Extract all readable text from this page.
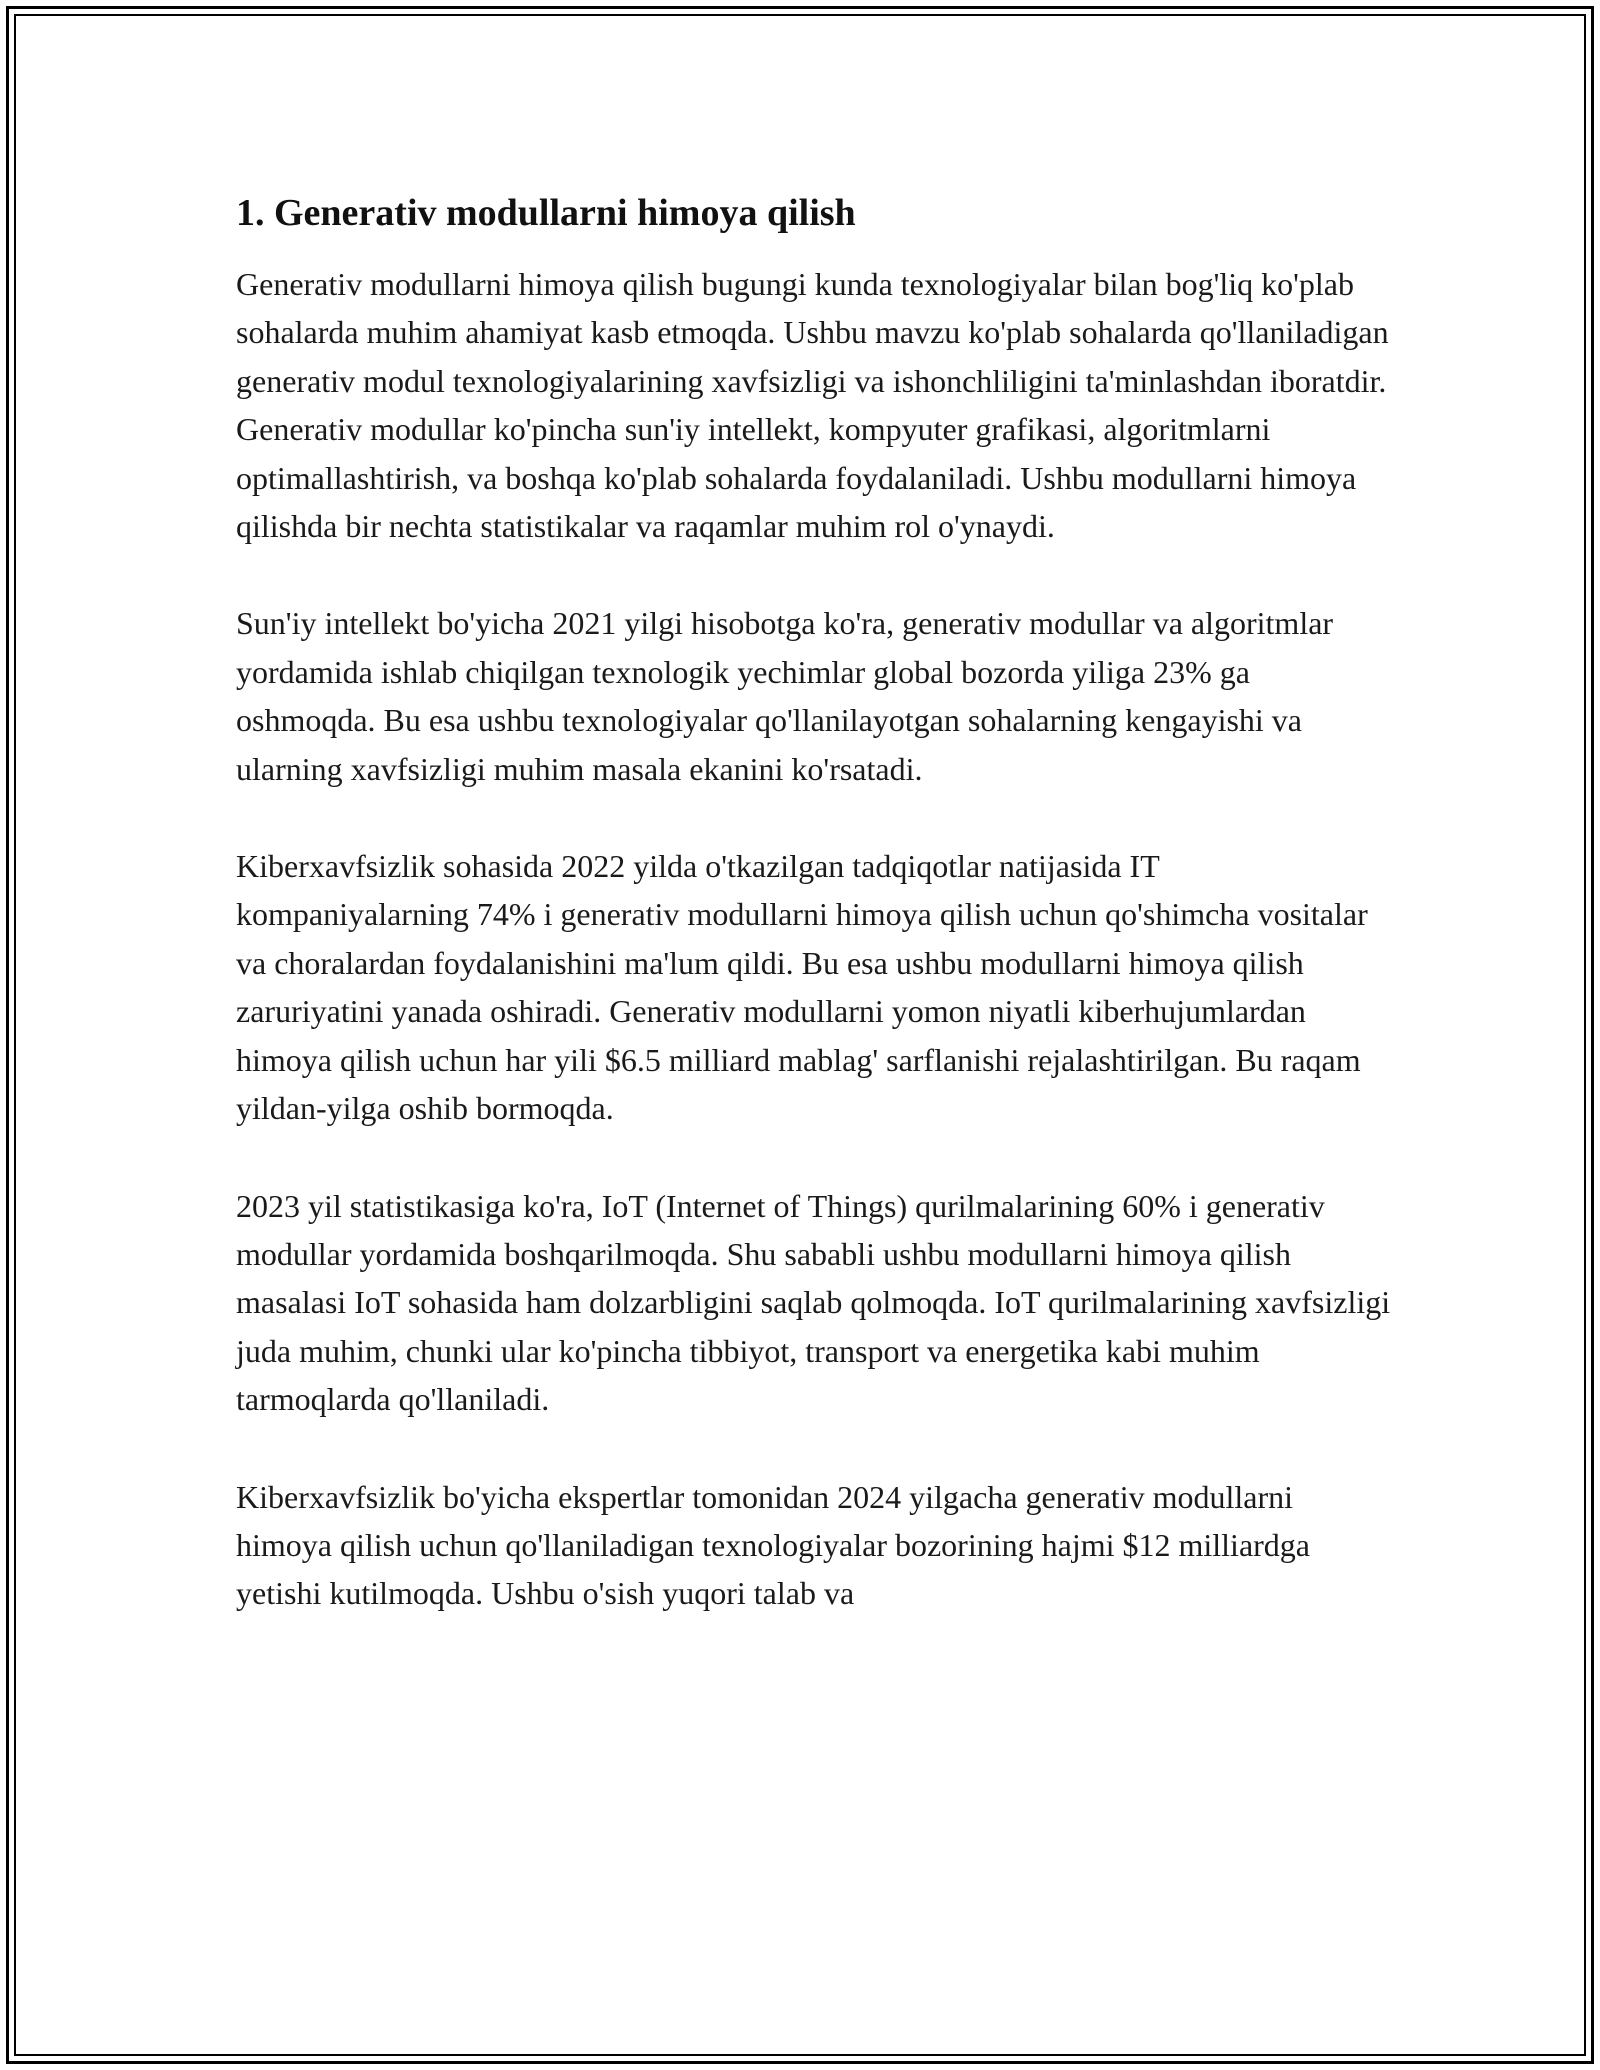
1. Generativ modullarni himoya qilish

Generativ modullarni himoya qilish bugungi kunda texnologiyalar bilan bog'liq ko'plab sohalarda muhim ahamiyat kasb etmoqda. Ushbu mavzu ko'plab sohalarda qo'llaniladigan generativ modul texnologiyalarining xavfsizligi va ishonchliligini ta'minlashdan iboratdir. Generativ modullar ko'pincha sun'iy intellekt, kompyuter grafikasi, algoritmlarni optimallashtirish, va boshqa ko'plab sohalarda foydalaniladi. Ushbu modullarni himoya qilishda bir nechta statistikalar va raqamlar muhim rol o'ynaydi.

Sun'iy intellekt bo'yicha 2021 yilgi hisobotga ko'ra, generativ modullar va algoritmlar yordamida ishlab chiqilgan texnologik yechimlar global bozorda yiliga 23% ga oshmoqda. Bu esa ushbu texnologiyalar qo'llanilayotgan sohalarning kengayishi va ularning xavfsizligi muhim masala ekanini ko'rsatadi.

Kiberxavfsizlik sohasida 2022 yilda o'tkazilgan tadqiqotlar natijasida IT kompaniyalarning 74% i generativ modullarni himoya qilish uchun qo'shimcha vositalar va choralardan foydalanishini ma'lum qildi. Bu esa ushbu modullarni himoya qilish zaruriyatini yanada oshiradi. Generativ modullarni yomon niyatli kiberhujumlardan himoya qilish uchun har yili $6.5 milliard mablag' sarflanishi rejalashtirilgan. Bu raqam yildan-yilga oshib bormoqda.

2023 yil statistikasiga ko'ra, IoT (Internet of Things) qurilmalarining 60% i generativ modullar yordamida boshqarilmoqda. Shu sababli ushbu modullarni himoya qilish masalasi IoT sohasida ham dolzarbligini saqlab qolmoqda. IoT qurilmalarining xavfsizligi juda muhim, chunki ular ko'pincha tibbiyot, transport va energetika kabi muhim tarmoqlarda qo'llaniladi.

Kiberxavfsizlik bo'yicha ekspertlar tomonidan 2024 yilgacha generativ modullarni himoya qilish uchun qo'llaniladigan texnologiyalar bozorining hajmi $12 milliardga yetishi kutilmoqda. Ushbu o'sish yuqori talab va
